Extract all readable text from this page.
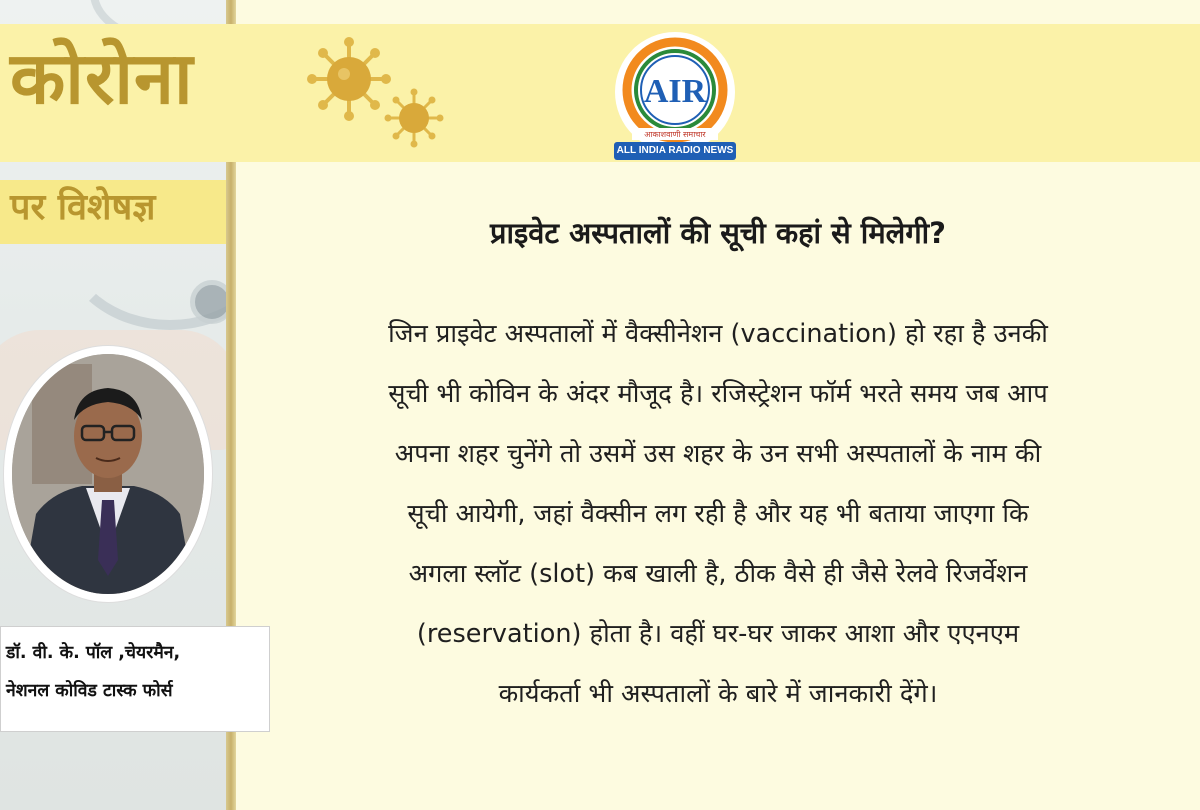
कोरोना
पर विशेषज्ञ
AIR
आकाशवाणी समाचार
ALL INDIA RADIO NEWS
प्राइवेट अस्पतालों की सूची कहां से मिलेगी?

जिन प्राइवेट अस्पतालों में वैक्सीनेशन (vaccination) हो रहा है उनकी
सूची भी कोविन के अंदर मौजूद है। रजिस्ट्रेशन फॉर्म भरते समय जब आप
अपना शहर चुनेंगे तो उसमें उस शहर के उन सभी अस्पतालों के नाम की
सूची आयेगी, जहां वैक्सीन लग रही है और यह भी बताया जाएगा कि
अगला स्लॉट (slot) कब खाली है, ठीक वैसे ही जैसे रेलवे रिजर्वेशन
(reservation) होता है। वहीं घर-घर जाकर आशा और एएनएम
कार्यकर्ता भी अस्पतालों के बारे में जानकारी देंगे।

डॉ. वी. के. पॉल ,चेयरमैन,
नेशनल कोविड टास्क फोर्स
